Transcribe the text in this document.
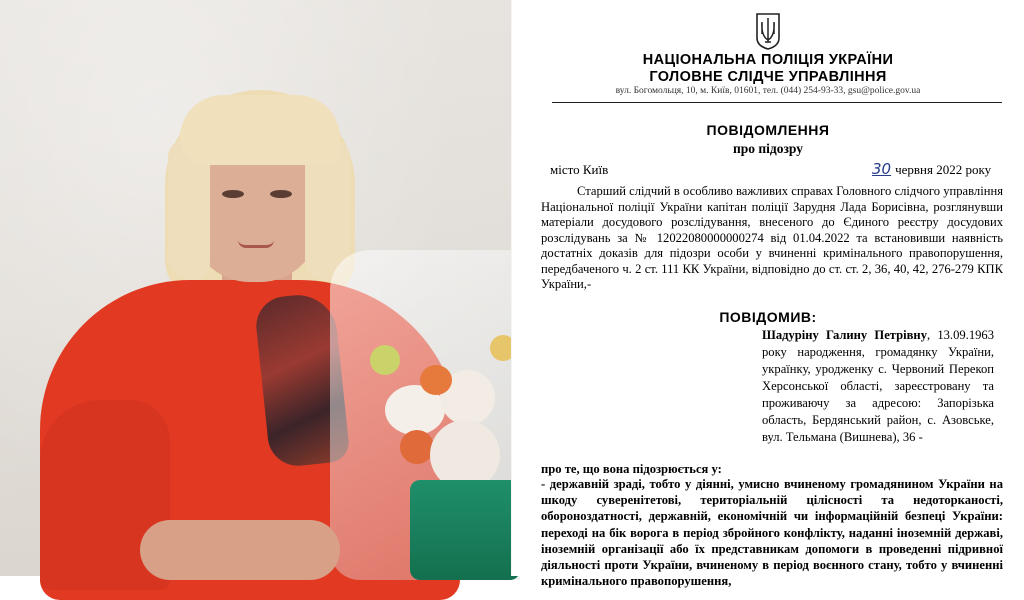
НАЦІОНАЛЬНА ПОЛІЦІЯ УКРАЇНИ
ГОЛОВНЕ СЛІДЧЕ УПРАВЛІННЯ
вул. Богомольця, 10, м. Київ, 01601, тел. (044) 254-93-33, gsu@police.gov.ua
ПОВІДОМЛЕННЯ
про підозру
місто Київ	30 червня 2022 року
Старший слідчий в особливо важливих справах Головного слідчого управління Національної поліції України капітан поліції Зарудня Лада Борисівна, розглянувши матеріали досудового розслідування, внесеного до Єдиного реєстру досудових розслідувань за № 12022080000000274 від 01.04.2022 та встановивши наявність достатніх доказів для підозри особи у вчиненні кримінального правопорушення, передбаченого ч. 2 ст. 111 КК України, відповідно до ст. ст. 2, 36, 40, 42, 276-279 КПК України,-
ПОВІДОМИВ:
Шадуріну Галину Петрівну, 13.09.1963 року народження, громадянку України, українку, уродженку с. Червоний Перекоп Херсонської області, зареєстровану та проживаючу за адресою: Запорізька область, Бердянський район, с. Азовське, вул. Тельмана (Вишнева), 36 -
про те, що вона підозрюється у:
- державній зраді, тобто у діянні, умисно вчиненому громадянином України на шкоду суверенітетові, територіальній цілісності та недоторканості, обороноздатності, державній, економічній чи інформаційній безпеці України: переході на бік ворога в період збройного конфлікту, наданні іноземній державі, іноземній організації або їх представникам допомоги в проведенні підривної діяльності проти України, вчиненому в період воєнного стану, тобто у вчиненні кримінального правопорушення,
